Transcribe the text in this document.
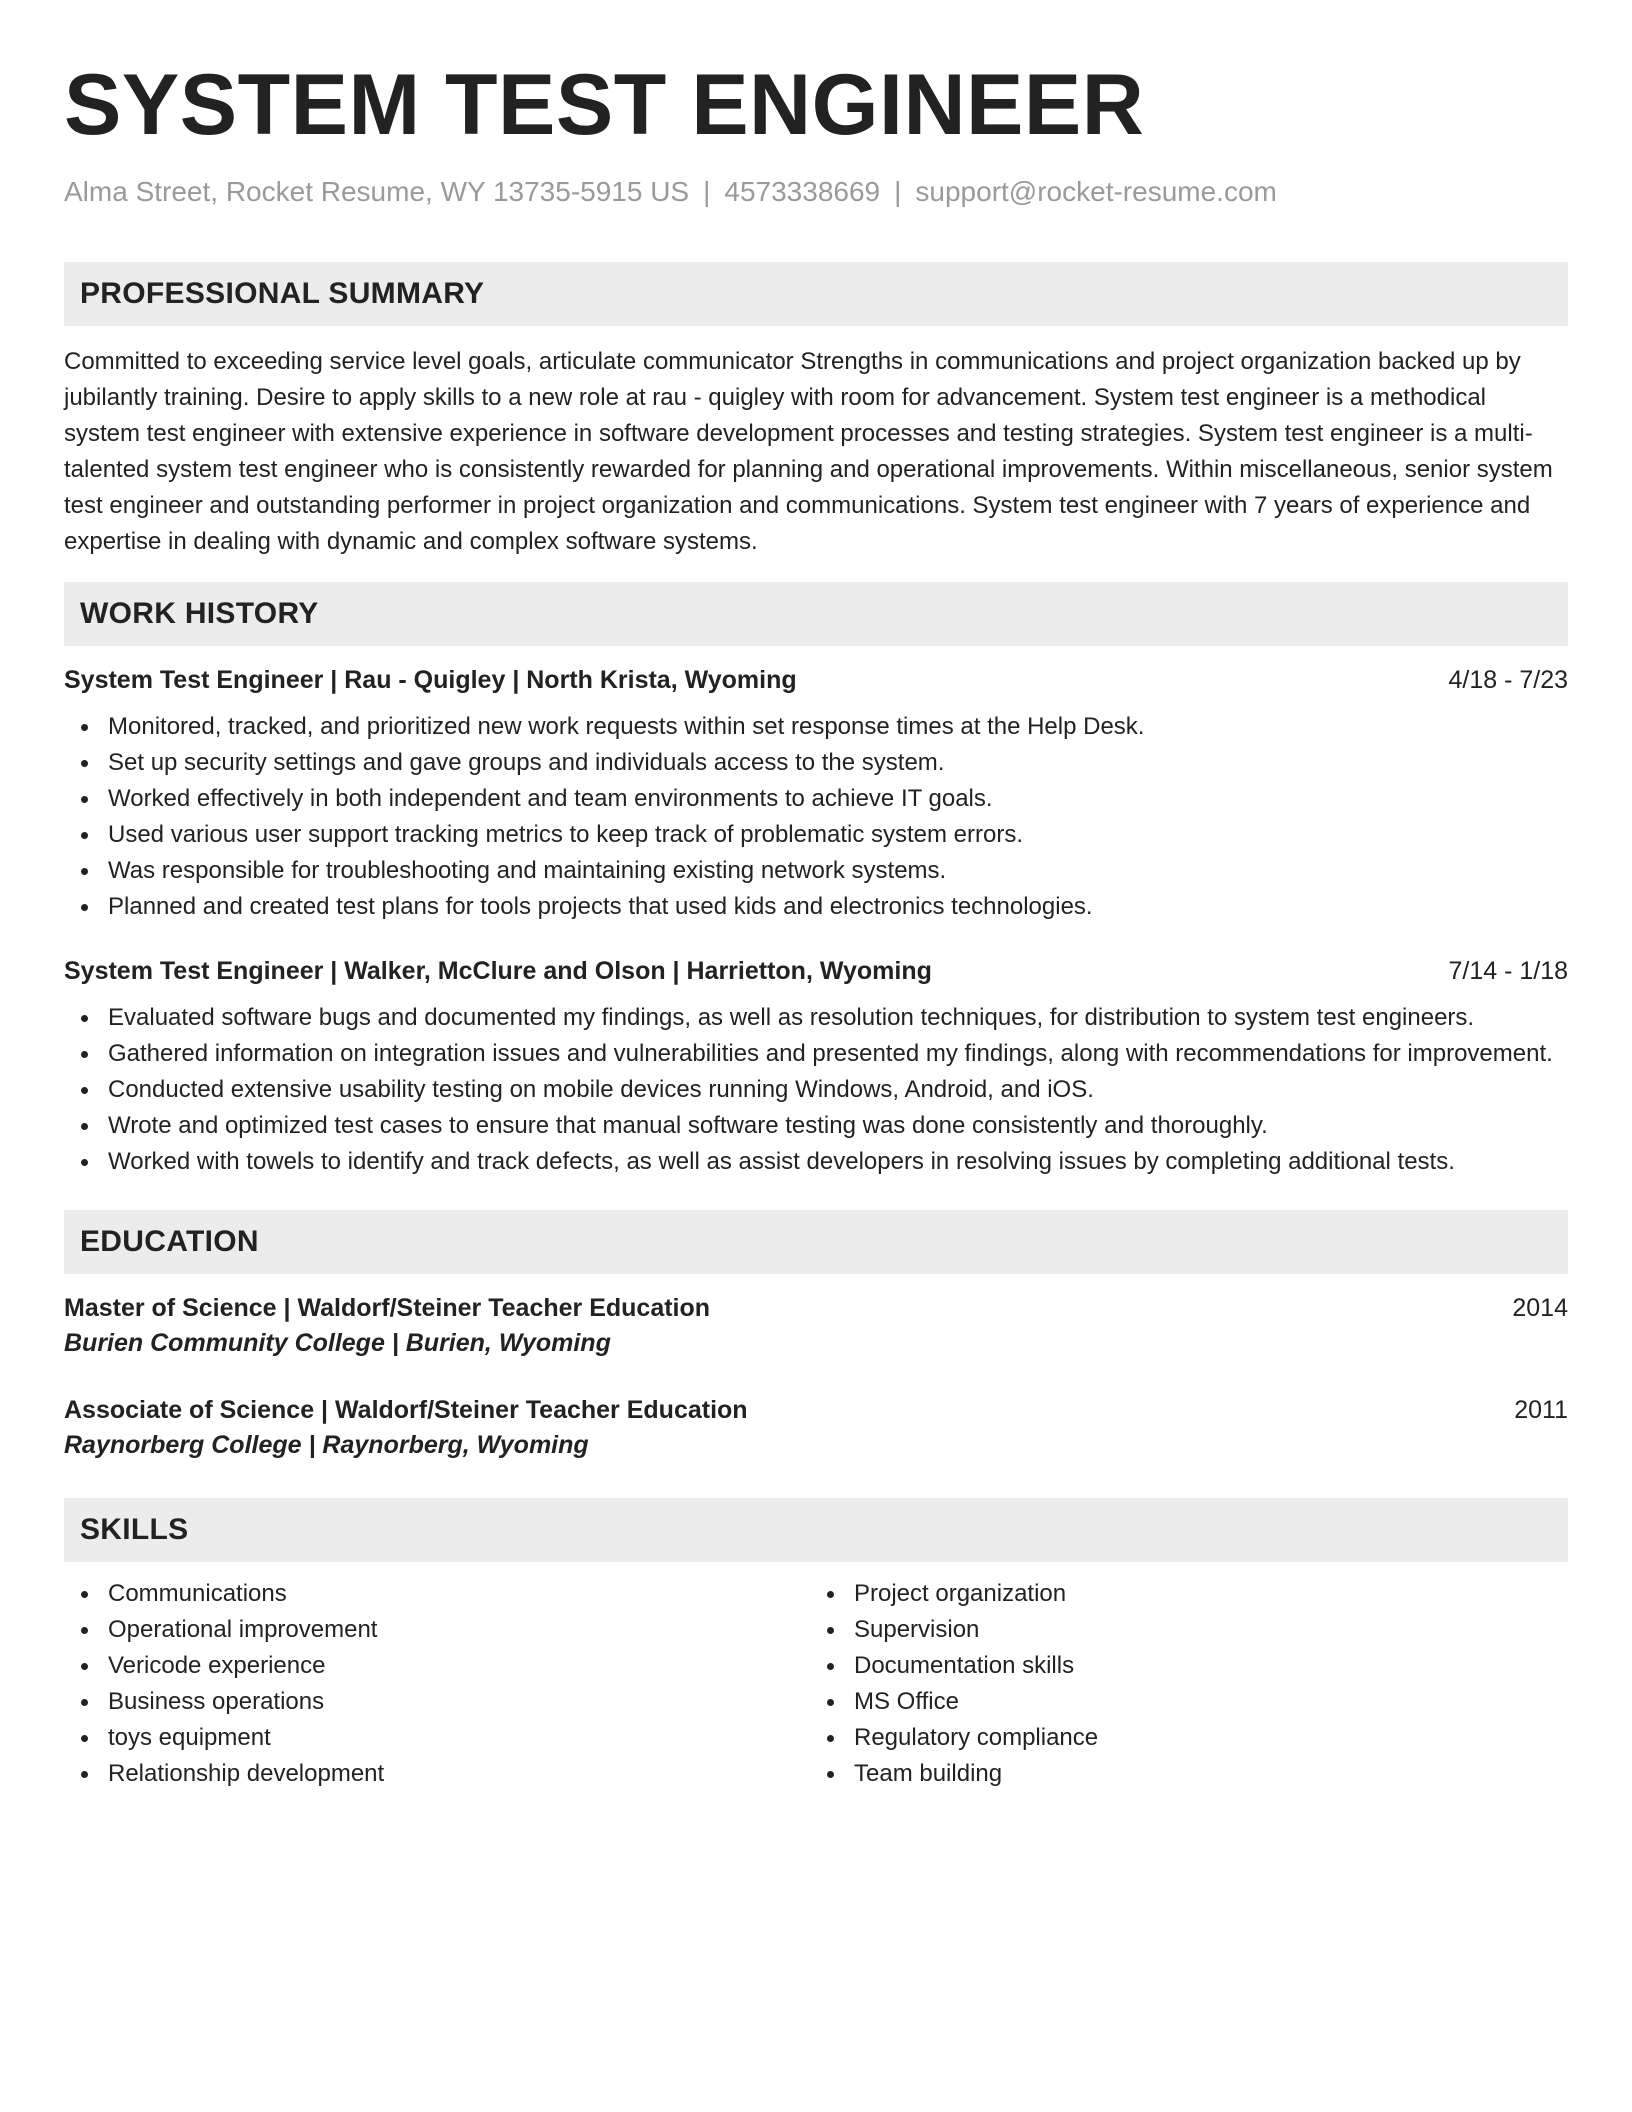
SYSTEM TEST ENGINEER
Alma Street, Rocket Resume, WY 13735-5915 US | 4573338669 | support@rocket-resume.com
PROFESSIONAL SUMMARY

Committed to exceeding service level goals, articulate communicator Strengths in communications and project organization backed up by jubilantly training. Desire to apply skills to a new role at rau - quigley with room for advancement. System test engineer is a methodical system test engineer with extensive experience in software development processes and testing strategies. System test engineer is a multi-talented system test engineer who is consistently rewarded for planning and operational improvements. Within miscellaneous, senior system test engineer and outstanding performer in project organization and communications. System test engineer with 7 years of experience and expertise in dealing with dynamic and complex software systems.

WORK HISTORY
System Test Engineer | Rau - Quigley | North Krista, Wyoming	4/18 - 7/23
Monitored, tracked, and prioritized new work requests within set response times at the Help Desk.
Set up security settings and gave groups and individuals access to the system.
Worked effectively in both independent and team environments to achieve IT goals.
Used various user support tracking metrics to keep track of problematic system errors.
Was responsible for troubleshooting and maintaining existing network systems.
Planned and created test plans for tools projects that used kids and electronics technologies.
System Test Engineer | Walker, McClure and Olson | Harrietton, Wyoming	7/14 - 1/18
Evaluated software bugs and documented my findings, as well as resolution techniques, for distribution to system test engineers.
Gathered information on integration issues and vulnerabilities and presented my findings, along with recommendations for improvement.
Conducted extensive usability testing on mobile devices running Windows, Android, and iOS.
Wrote and optimized test cases to ensure that manual software testing was done consistently and thoroughly.
Worked with towels to identify and track defects, as well as assist developers in resolving issues by completing additional tests.
EDUCATION
Master of Science | Waldorf/Steiner Teacher Education	2014
Burien Community College | Burien, Wyoming
Associate of Science | Waldorf/Steiner Teacher Education	2011
Raynorberg College | Raynorberg, Wyoming
SKILLS
Communications
Operational improvement
Vericode experience
Business operations
toys equipment
Relationship development
Project organization
Supervision
Documentation skills
MS Office
Regulatory compliance
Team building
